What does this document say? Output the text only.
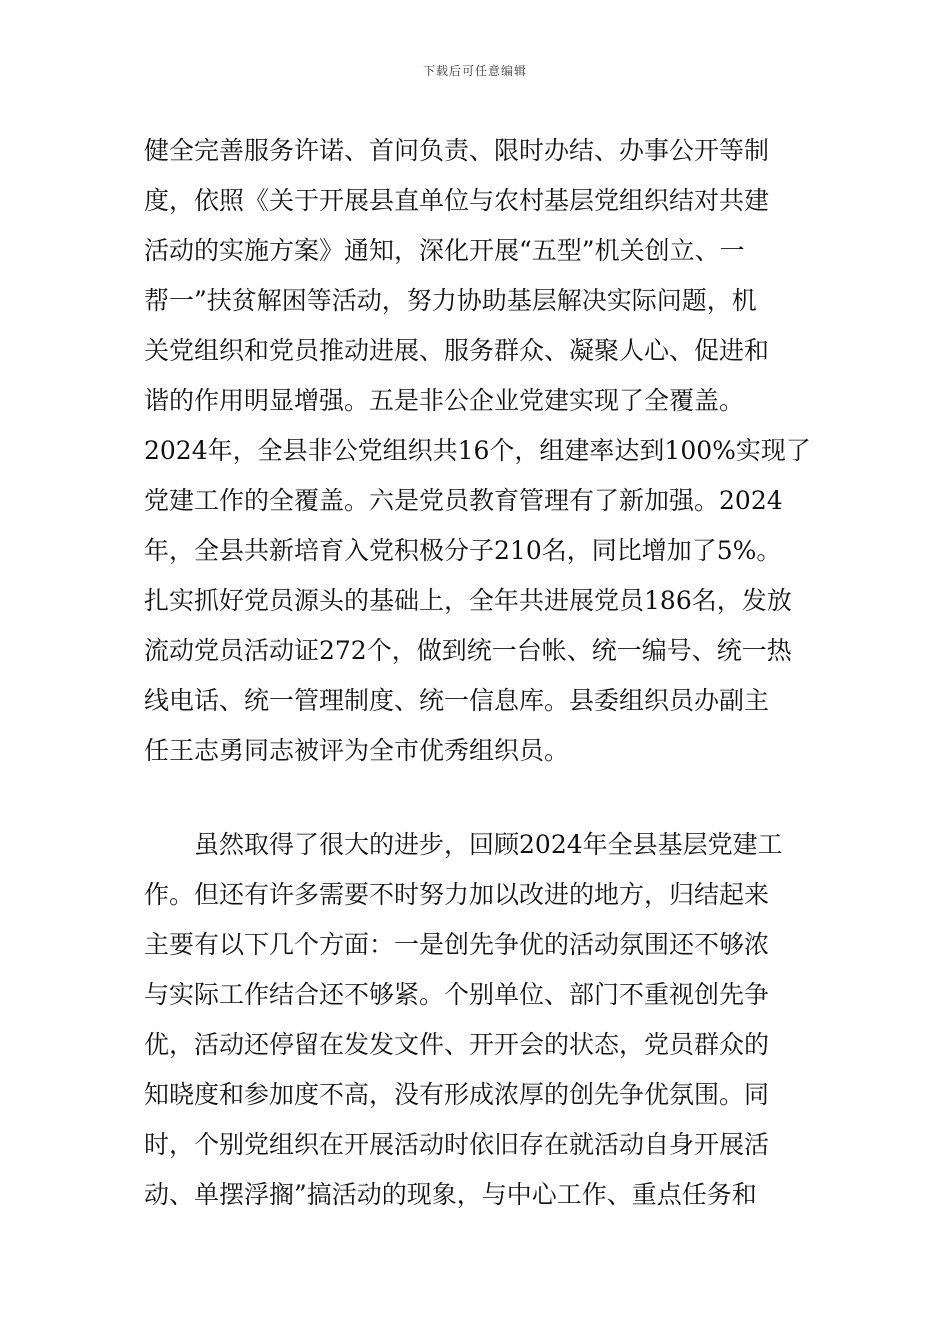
下载后可任意编辑
健全完善服务许诺、首问负责、限时办结、办事公开等制
度，依照《关于开展县直单位与农村基层党组织结对共建
活动的实施方案》通知，深化开展“五型”机关创立、一
帮一”扶贫解困等活动，努力协助基层解决实际问题，机
关党组织和党员推动进展、服务群众、凝聚人心、促进和
谐的作用明显增强。五是非公企业党建实现了全覆盖。
2024年，全县非公党组织共16个，组建率达到100%实现了
党建工作的全覆盖。六是党员教育管理有了新加强。2024
年，全县共新培育入党积极分子210名，同比增加了5%。
扎实抓好党员源头的基础上，全年共进展党员186名，发放
流动党员活动证272个，做到统一台帐、统一编号、统一热
线电话、统一管理制度、统一信息库。县委组织员办副主
任王志勇同志被评为全市优秀组织员。
　　虽然取得了很大的进步，回顾2024年全县基层党建工
作。但还有许多需要不时努力加以改进的地方，归结起来
主要有以下几个方面：一是创先争优的活动氛围还不够浓
与实际工作结合还不够紧。个别单位、部门不重视创先争
优，活动还停留在发发文件、开开会的状态，党员群众的
知晓度和参加度不高，没有形成浓厚的创先争优氛围。同
时，个别党组织在开展活动时依旧存在就活动自身开展活
动、单摆浮搁”搞活动的现象，与中心工作、重点任务和
